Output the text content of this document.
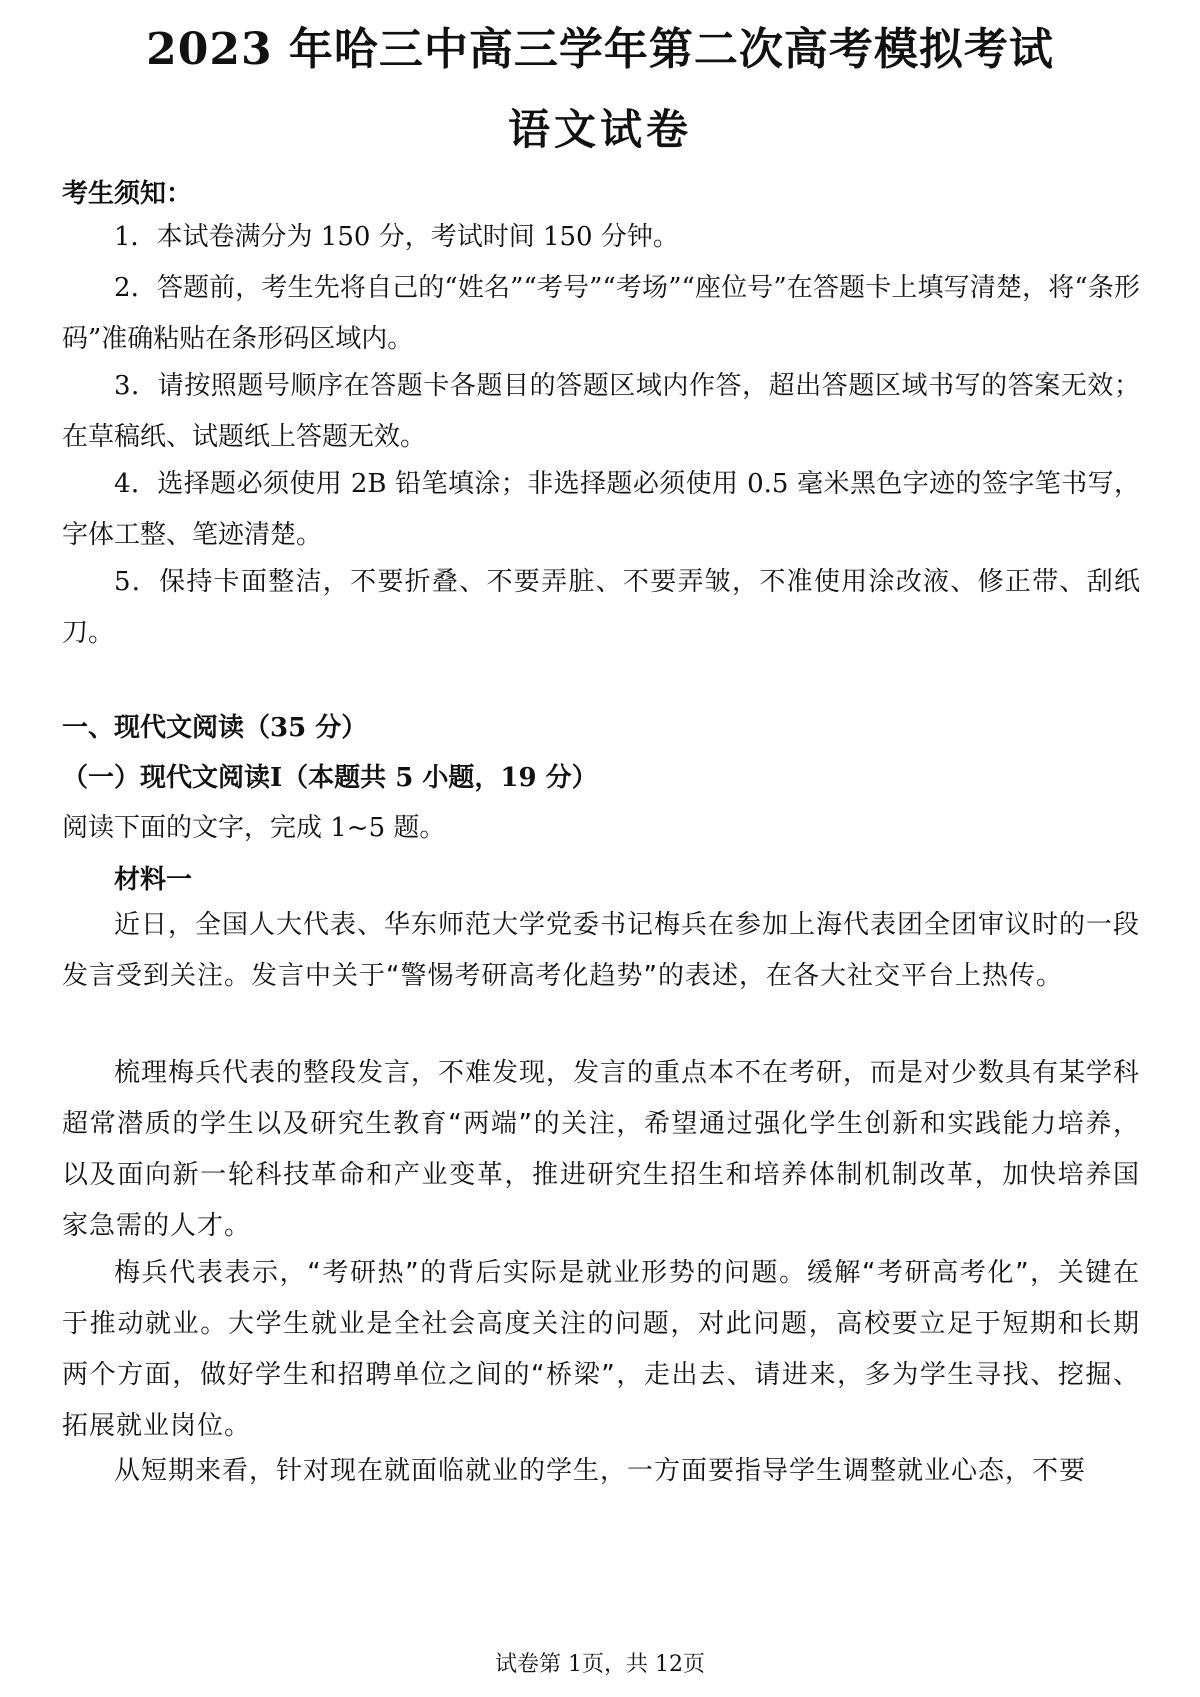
2023 年哈三中高三学年第二次高考模拟考试
语文试卷
考生须知：

1．本试卷满分为 150 分，考试时间 150 分钟。

2．答题前，考生先将自己的“姓名”“考号”“考场”“座位号”在答题卡上填写清楚，将“条形码”准确粘贴在条形码区域内。

3．请按照题号顺序在答题卡各题目的答题区域内作答，超出答题区域书写的答案无效；在草稿纸、试题纸上答题无效。

4．选择题必须使用 2B 铅笔填涂；非选择题必须使用 0.5 毫米黑色字迹的签字笔书写，字体工整、笔迹清楚。

5．保持卡面整洁，不要折叠、不要弄脏、不要弄皱，不准使用涂改液、修正带、刮纸刀。

一、现代文阅读（35 分）
（一）现代文阅读Ⅰ（本题共 5 小题，19 分）
阅读下面的文字，完成 1~5 题。
材料一

近日，全国人大代表、华东师范大学党委书记梅兵在参加上海代表团全团审议时的一段发言受到关注。发言中关于“警惕考研高考化趋势”的表述，在各大社交平台上热传。

梳理梅兵代表的整段发言，不难发现，发言的重点本不在考研，而是对少数具有某学科超常潜质的学生以及研究生教育“两端”的关注，希望通过强化学生创新和实践能力培养，以及面向新一轮科技革命和产业变革，推进研究生招生和培养体制机制改革，加快培养国家急需的人才。

梅兵代表表示，“考研热”的背后实际是就业形势的问题。缓解“考研高考化”，关键在于推动就业。大学生就业是全社会高度关注的问题，对此问题，高校要立足于短期和长期两个方面，做好学生和招聘单位之间的“桥梁”，走出去、请进来，多为学生寻找、挖掘、拓展就业岗位。

从短期来看，针对现在就面临就业的学生，一方面要指导学生调整就业心态，不要

试卷第 1页，共 12页
